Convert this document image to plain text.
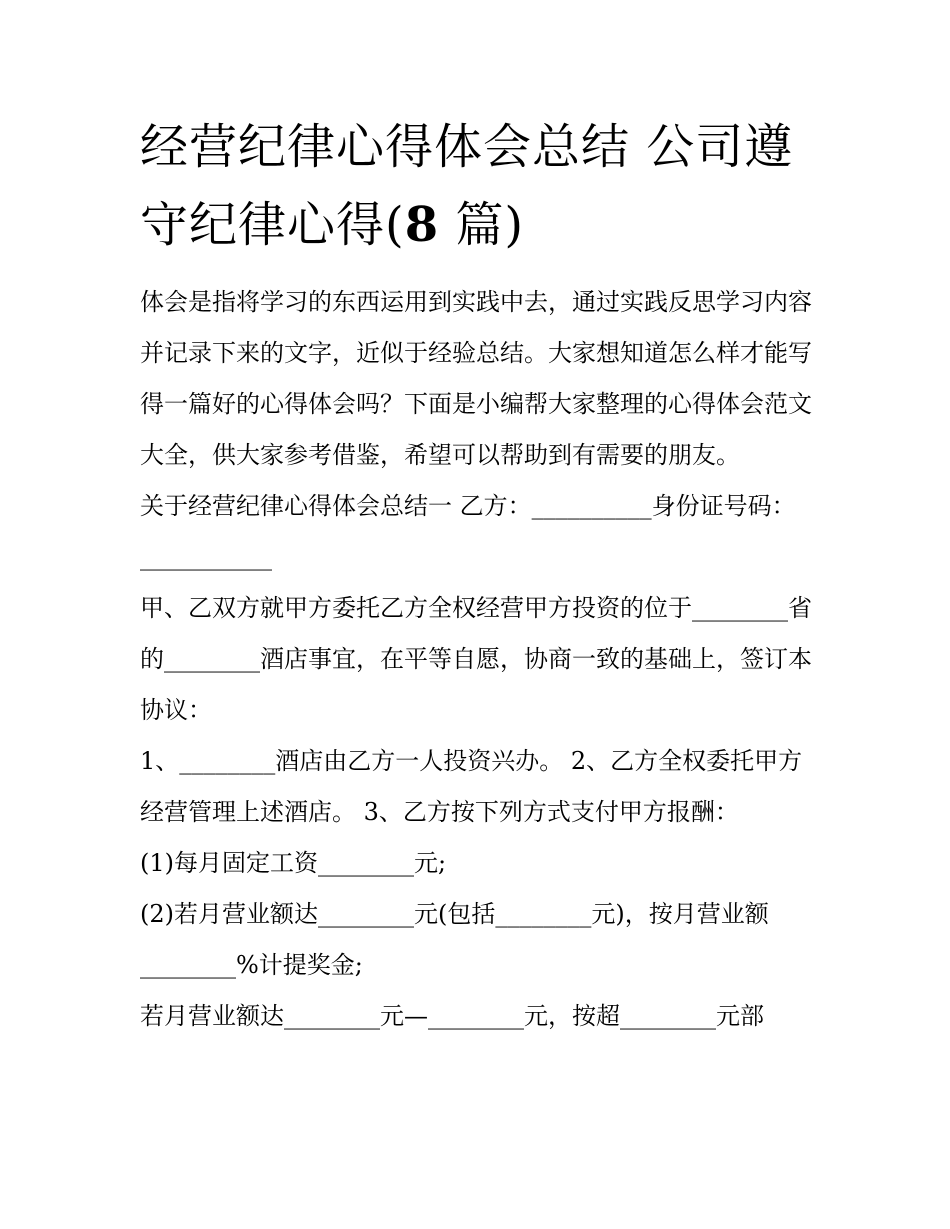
经营纪律心得体会总结 公司遵守纪律心得(8 篇)

体会是指将学习的东西运用到实践中去，通过实践反思学习内容并记录下来的文字，近似于经验总结。大家想知道怎么样才能写得一篇好的心得体会吗？下面是小编帮大家整理的心得体会范文大全，供大家参考借鉴，希望可以帮助到有需要的朋友。

关于经营纪律心得体会总结一 乙方：__________身份证号码：___________

甲、乙双方就甲方委托乙方全权经营甲方投资的位于________省的________酒店事宜，在平等自愿，协商一致的基础上，签订本协议：

1、________酒店由乙方一人投资兴办。 2、乙方全权委托甲方经营管理上述酒店。 3、乙方按下列方式支付甲方报酬：

(1)每月固定工资________元;

(2)若月营业额达________元(包括________元)，按月营业额________%计提奖金;

若月营业额达________元—________元，按超________元部
